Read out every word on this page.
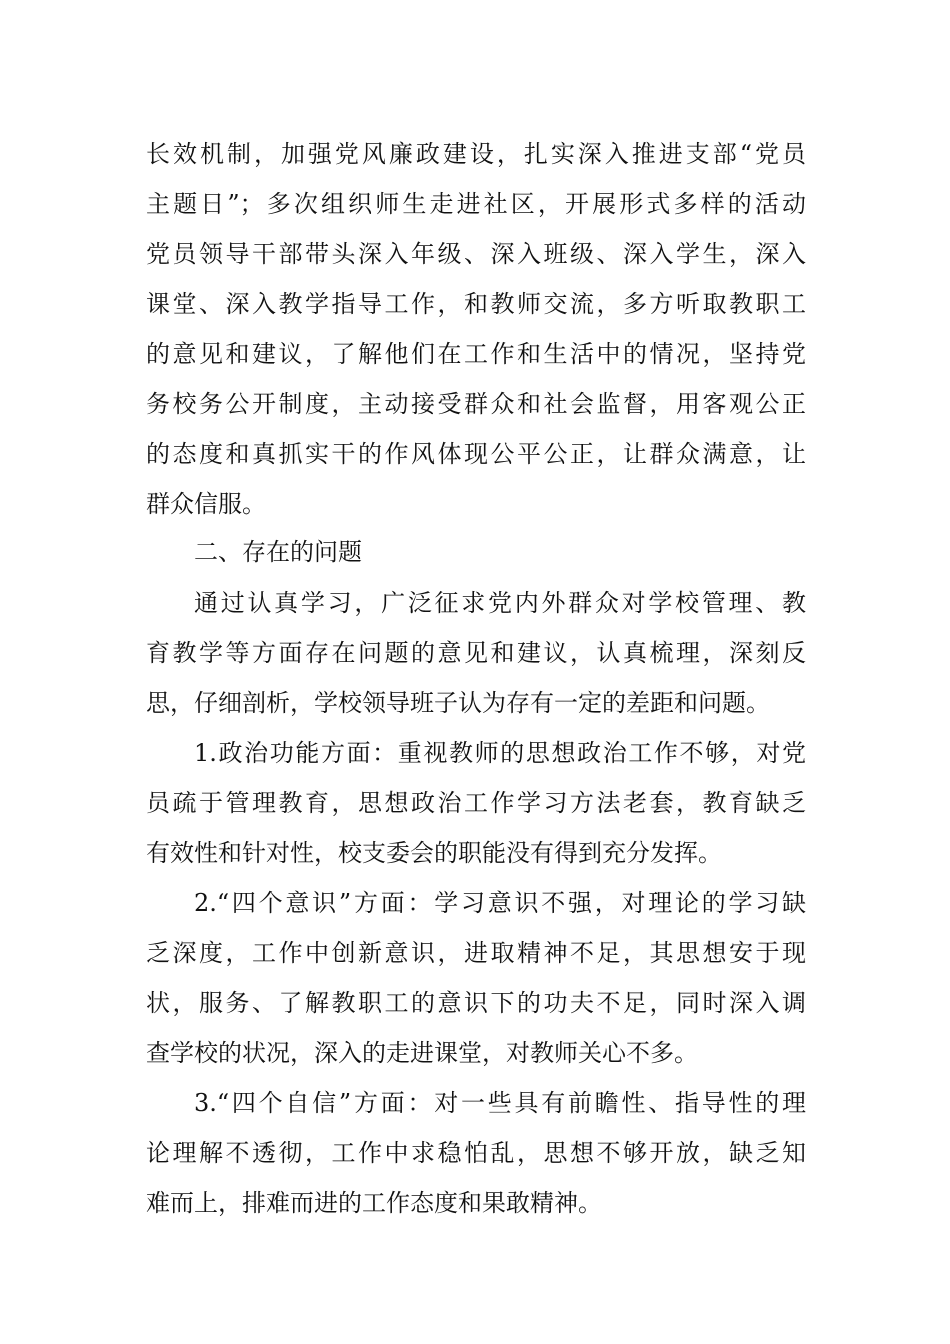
长效机制，加强党风廉政建设，扎实深入推进支部“党员
主题日”；多次组织师生走进社区，开展形式多样的活动
党员领导干部带头深入年级、深入班级、深入学生，深入
课堂、深入教学指导工作，和教师交流，多方听取教职工
的意见和建议，了解他们在工作和生活中的情况，坚持党
务校务公开制度，主动接受群众和社会监督，用客观公正
的态度和真抓实干的作风体现公平公正，让群众满意，让
群众信服。
二、存在的问题
通过认真学习，广泛征求党内外群众对学校管理、教
育教学等方面存在问题的意见和建议，认真梳理，深刻反
思，仔细剖析，学校领导班子认为存有一定的差距和问题。
1.政治功能方面：重视教师的思想政治工作不够，对党
员疏于管理教育，思想政治工作学习方法老套，教育缺乏
有效性和针对性，校支委会的职能没有得到充分发挥。
2.“四个意识”方面：学习意识不强，对理论的学习缺
乏深度，工作中创新意识，进取精神不足，其思想安于现
状，服务、了解教职工的意识下的功夫不足，同时深入调
查学校的状况，深入的走进课堂，对教师关心不多。
3.“四个自信”方面：对一些具有前瞻性、指导性的理
论理解不透彻，工作中求稳怕乱，思想不够开放，缺乏知
难而上，排难而进的工作态度和果敢精神。
